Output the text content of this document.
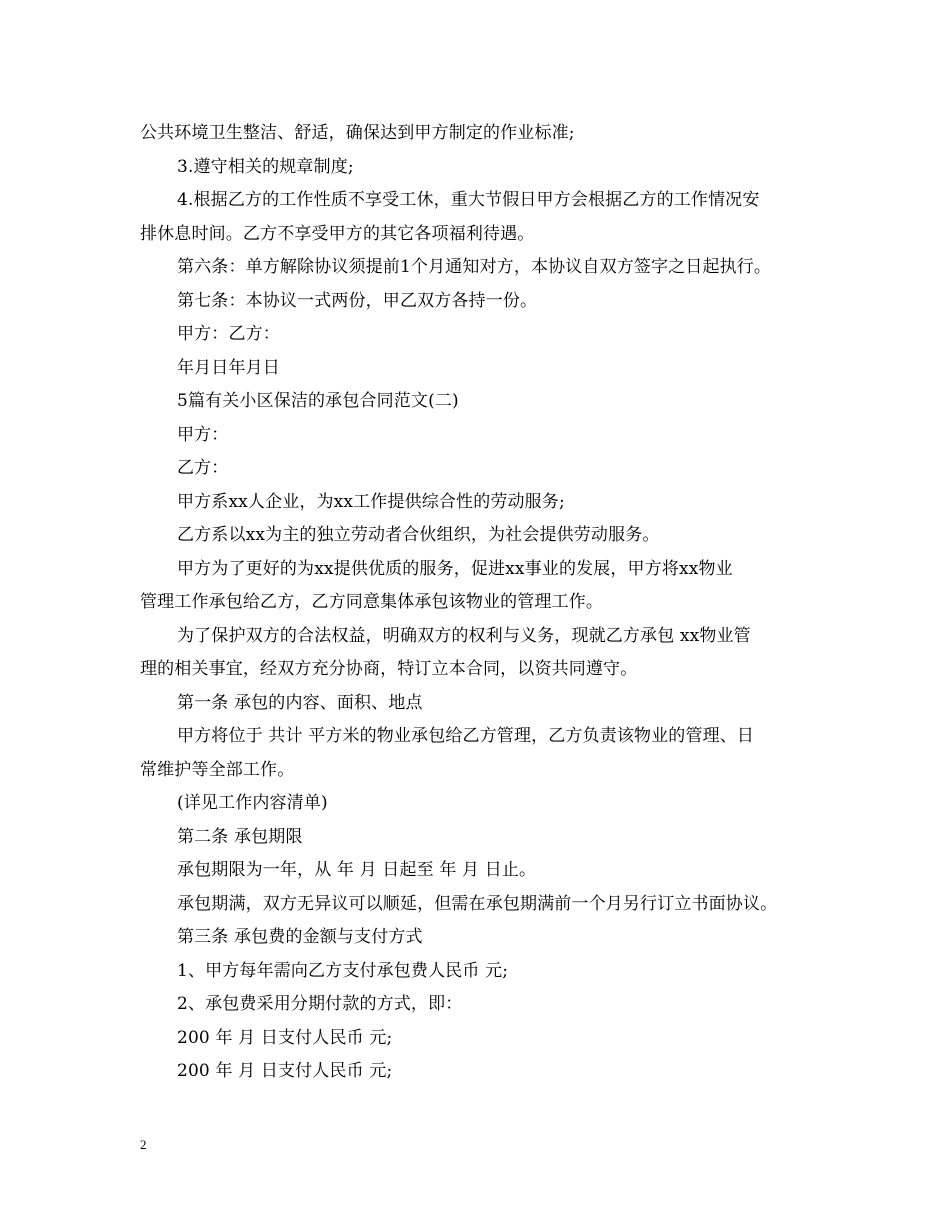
公共环境卫生整洁、舒适，确保达到甲方制定的作业标准;
3.遵守相关的规章制度;
4.根据乙方的工作性质不享受工休，重大节假日甲方会根据乙方的工作情况安
排休息时间。乙方不享受甲方的其它各项福利待遇。
第六条：单方解除协议须提前1个月通知对方，本协议自双方签字之日起执行。
第七条：本协议一式两份，甲乙双方各持一份。
甲方：乙方：
年月日年月日
5篇有关小区保洁的承包合同范文(二)
甲方：
乙方：
甲方系xx人企业，为xx工作提供综合性的劳动服务;
乙方系以xx为主的独立劳动者合伙组织，为社会提供劳动服务。
甲方为了更好的为xx提供优质的服务，促进xx事业的发展，甲方将xx物业
管理工作承包给乙方，乙方同意集体承包该物业的管理工作。
为了保护双方的合法权益，明确双方的权利与义务，现就乙方承包 xx物业管
理的相关事宜，经双方充分协商，特订立本合同，以资共同遵守。
第一条 承包的内容、面积、地点
甲方将位于 共计 平方米的物业承包给乙方管理，乙方负责该物业的管理、日
常维护等全部工作。
(详见工作内容清单)
第二条 承包期限
承包期限为一年，从 年 月 日起至 年 月 日止。
承包期满，双方无异议可以顺延，但需在承包期满前一个月另行订立书面协议。
第三条 承包费的金额与支付方式
1、甲方每年需向乙方支付承包费人民币 元;
2、承包费采用分期付款的方式，即：
200 年 月 日支付人民币 元;
200 年 月 日支付人民币 元;
2
